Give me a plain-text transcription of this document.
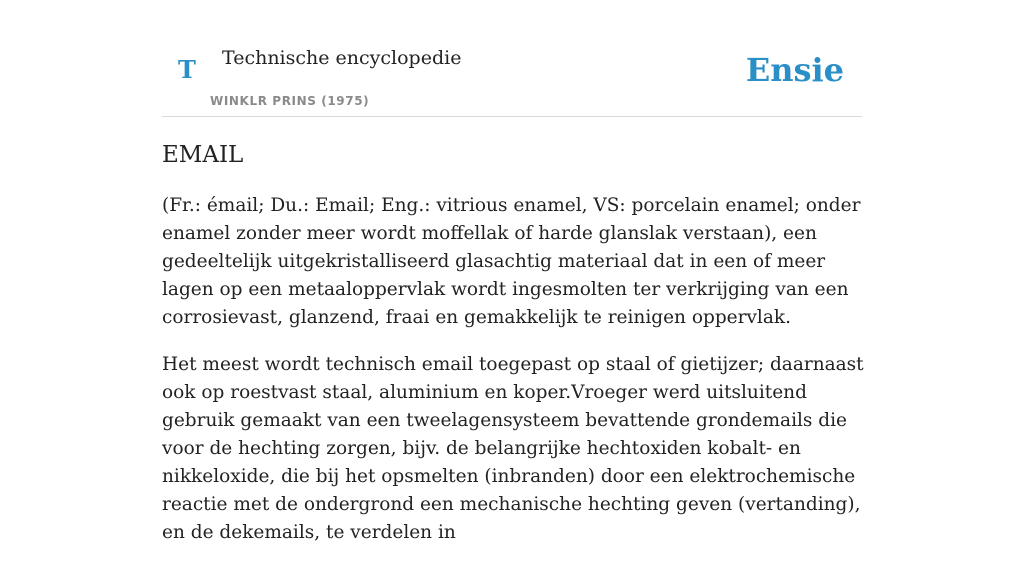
T Technische encyclopedie
WINKLR PRINS (1975)
Ensie
EMAIL

(Fr.: émail; Du.: Email; Eng.: vitrious enamel, VS: porcelain enamel; onder enamel zonder meer wordt moffellak of harde glanslak verstaan), een gedeeltelijk uitgekristalliseerd glasachtig materiaal dat in een of meer lagen op een metaaloppervlak wordt ingesmolten ter verkrijging van een corrosievast, glanzend, fraai en gemakkelijk te reinigen oppervlak.

Het meest wordt technisch email toegepast op staal of gietijzer; daarnaast ook op roestvast staal, aluminium en koper.Vroeger werd uitsluitend gebruik gemaakt van een tweelagensysteem bevattende grondemails die voor de hechting zorgen, bijv. de belangrijke hechtoxiden kobalt- en nikkeloxide, die bij het opsmelten (inbranden) door een elektrochemische reactie met de ondergrond een mechanische hechting geven (vertanding), en de dekemails, te verdelen in
